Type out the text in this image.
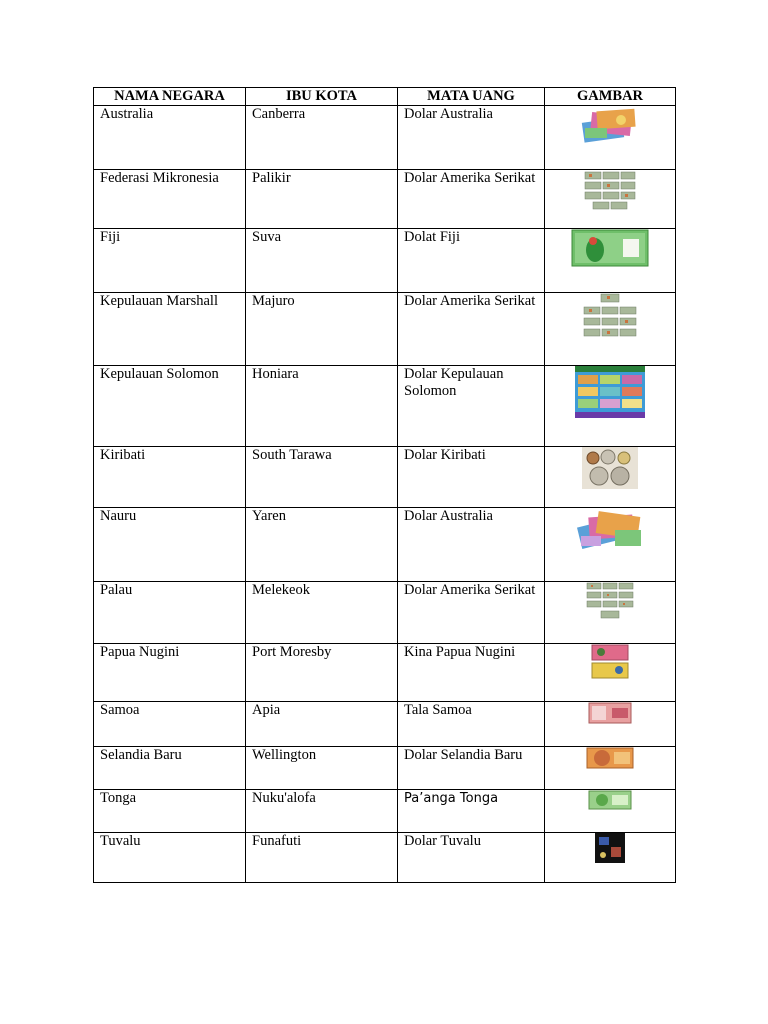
NAMA NEGARA	IBU KOTA	MATA UANG	GAMBAR
Australia	Canberra	Dolar Australia	

Federasi Mikronesia	Palikir	Dolar Amerika Serikat	

Fiji	Suva	Dolat Fiji	

Kepulauan Marshall	Majuro	Dolar Amerika Serikat	

Kepulauan Solomon	Honiara	Dolar Kepulauan Solomon	

Kiribati	South Tarawa	Dolar Kiribati	

Nauru	Yaren	Dolar Australia	

Palau	Melekeok	Dolar Amerika Serikat	

Papua Nugini	Port Moresby	Kina Papua Nugini	

Samoa	Apia	Tala Samoa	

Selandia Baru	Wellington	Dolar Selandia Baru	

Tonga	Nuku'alofa	Pa’anga Tonga	

Tuvalu	Funafuti	Dolar Tuvalu	
